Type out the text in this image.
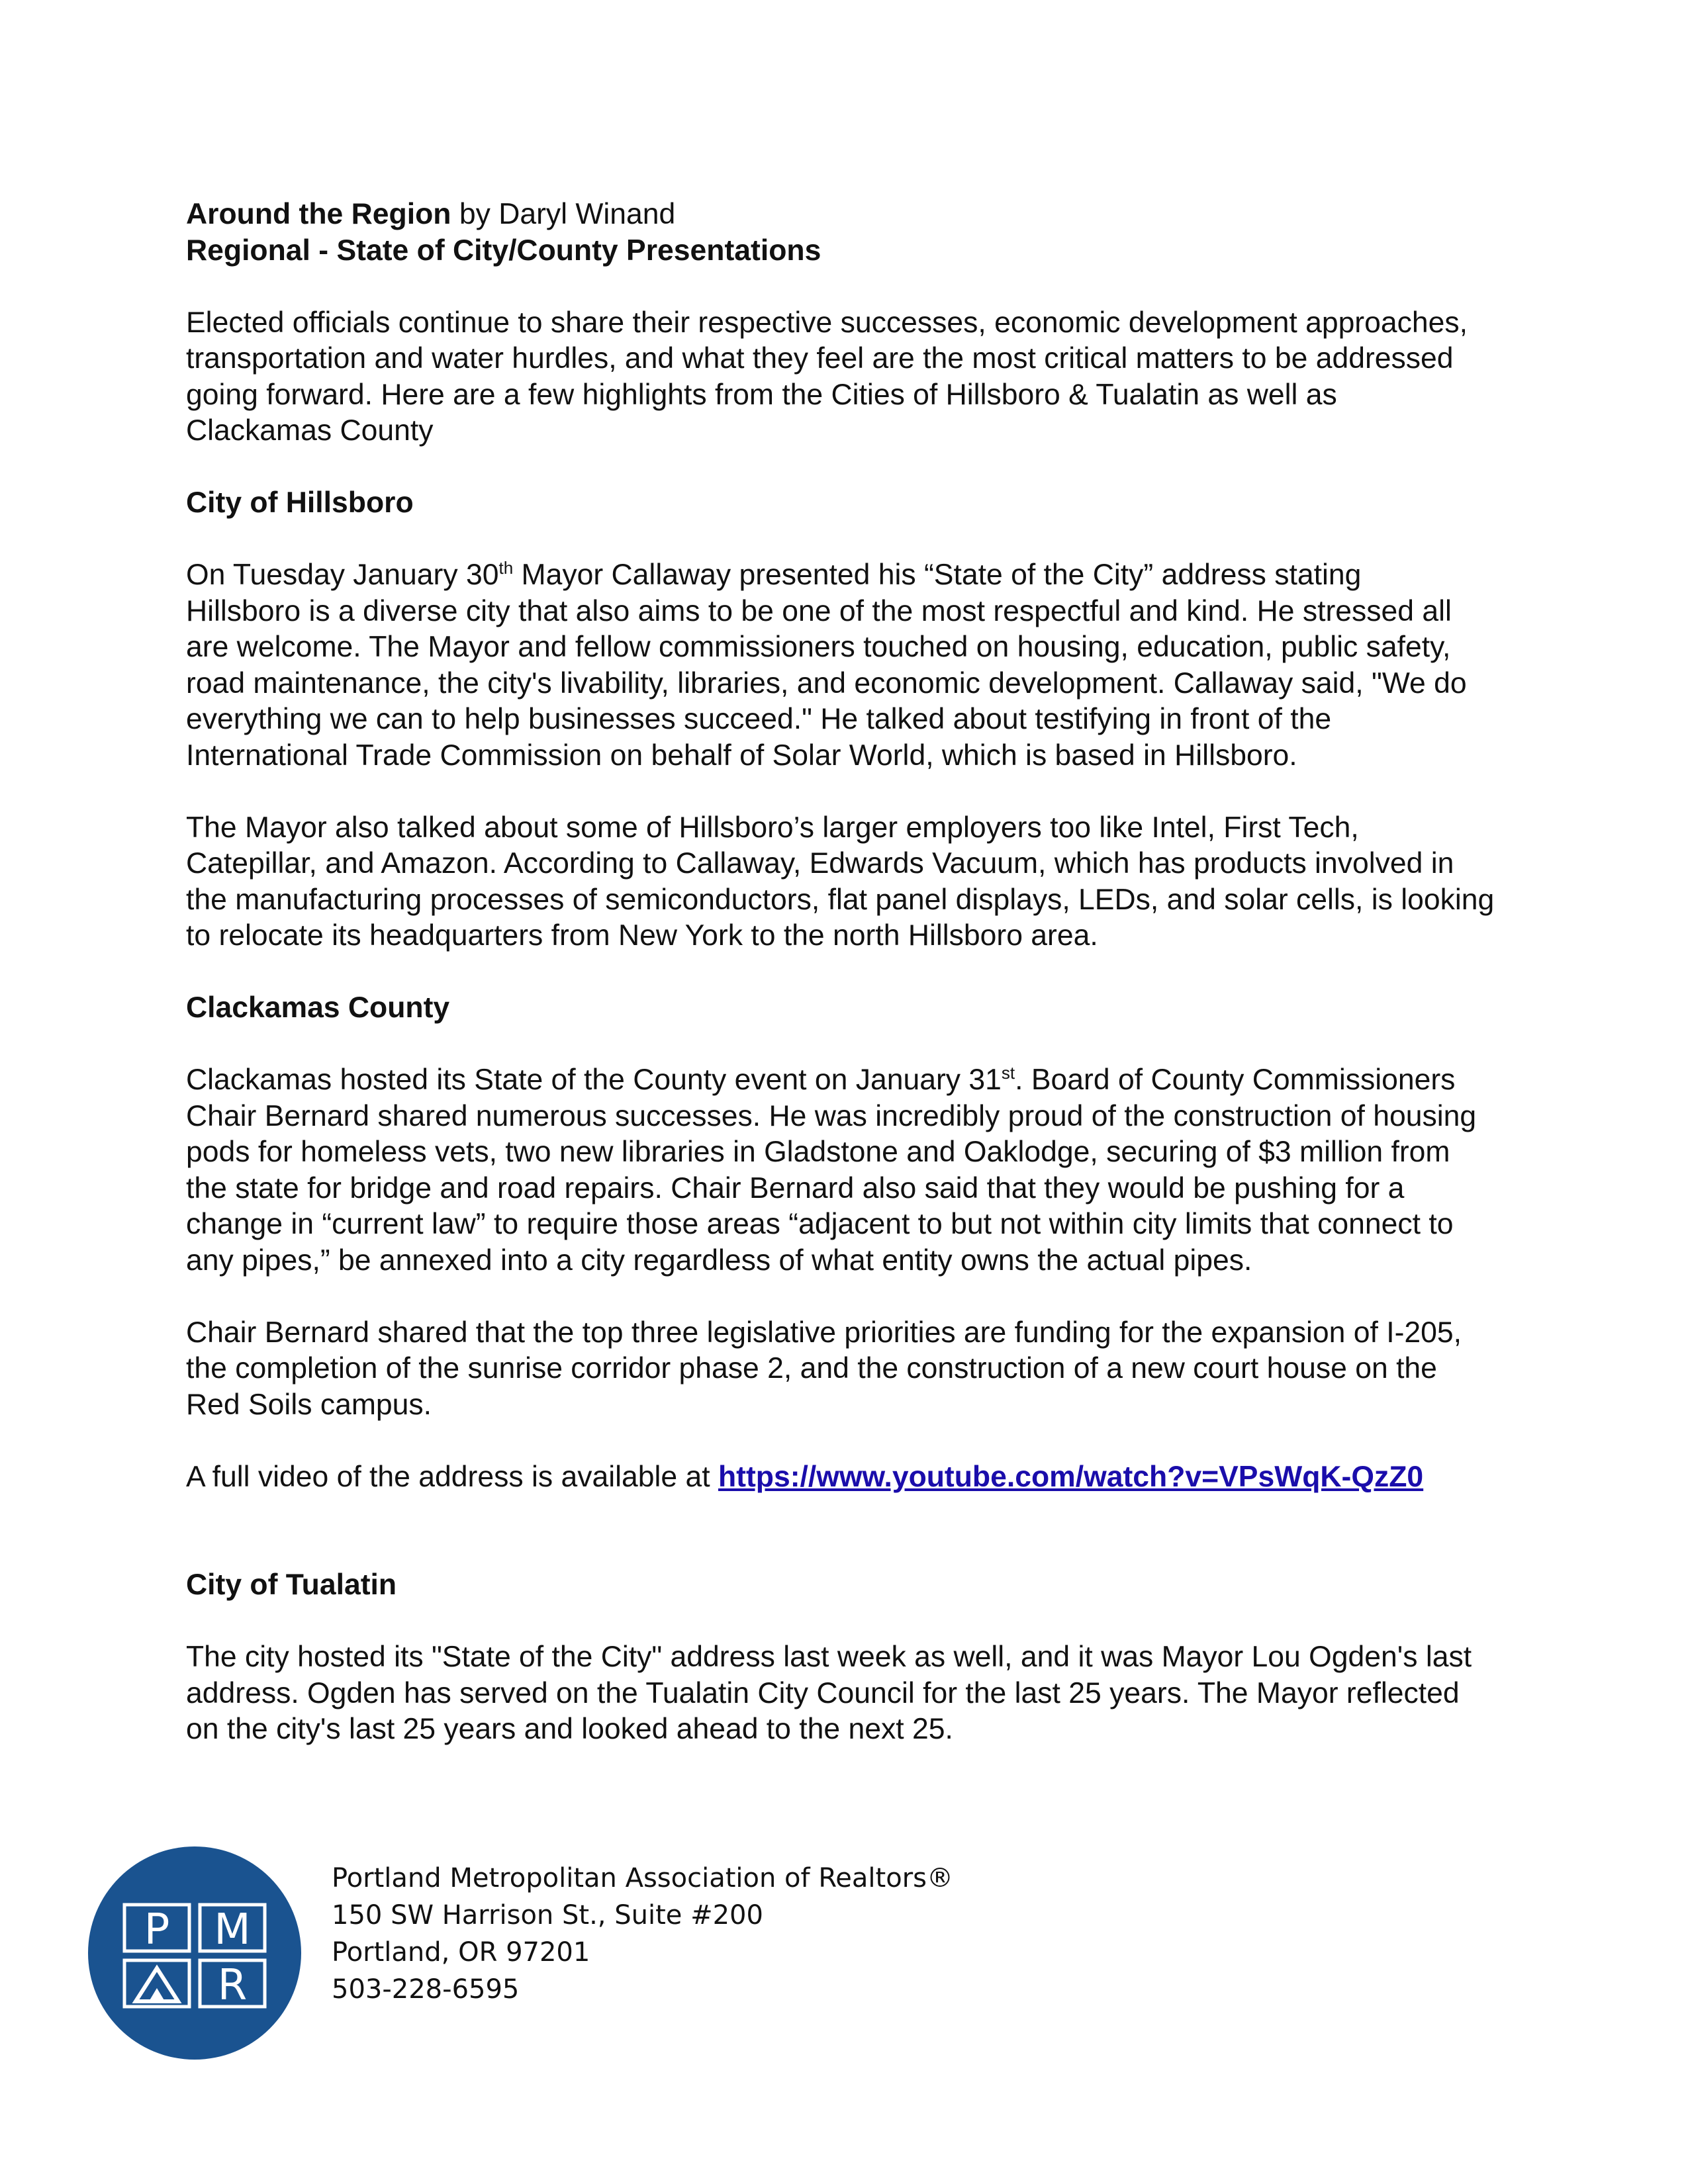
Around the Region by Daryl Winand

Regional - State of City/County Presentations

Elected officials continue to share their respective successes, economic development approaches,

transportation and water hurdles, and what they feel are the most critical matters to be addressed

going forward. Here are a few highlights from the Cities of Hillsboro & Tualatin as well as

Clackamas County

City of Hillsboro

On Tuesday January 30th Mayor Callaway presented his “State of the City” address stating

Hillsboro is a diverse city that also aims to be one of the most respectful and kind. He stressed all

are welcome. The Mayor and fellow commissioners touched on housing, education, public safety,

road maintenance, the city's livability, libraries, and economic development. Callaway said, "We do

everything we can to help businesses succeed." He talked about testifying in front of the

International Trade Commission on behalf of Solar World, which is based in Hillsboro.

The Mayor also talked about some of Hillsboro’s larger employers too like Intel, First Tech,

Catepillar, and Amazon. According to Callaway, Edwards Vacuum, which has products involved in

the manufacturing processes of semiconductors, flat panel displays, LEDs, and solar cells, is looking

to relocate its headquarters from New York to the north Hillsboro area.

Clackamas County

Clackamas hosted its State of the County event on January 31st. Board of County Commissioners

Chair Bernard shared numerous successes. He was incredibly proud of the construction of housing

pods for homeless vets, two new libraries in Gladstone and Oaklodge, securing of $3 million from

the state for bridge and road repairs. Chair Bernard also said that they would be pushing for a

change in “current law” to require those areas “adjacent to but not within city limits that connect to

any pipes,” be annexed into a city regardless of what entity owns the actual pipes.

Chair Bernard shared that the top three legislative priorities are funding for the expansion of I-205,

the completion of the sunrise corridor phase 2, and the construction of a new court house on the

Red Soils campus.

A full video of the address is available at https://www.youtube.com/watch?v=VPsWqK-QzZ0

City of Tualatin

The city hosted its "State of the City" address last week as well, and it was Mayor Lou Ogden's last

address. Ogden has served on the Tualatin City Council for the last 25 years. The Mayor reflected

on the city's last 25 years and looked ahead to the next 25.

P M
R
Portland Metropolitan Association of Realtors®
150 SW Harrison St., Suite #200
Portland, OR 97201
503-228-6595
